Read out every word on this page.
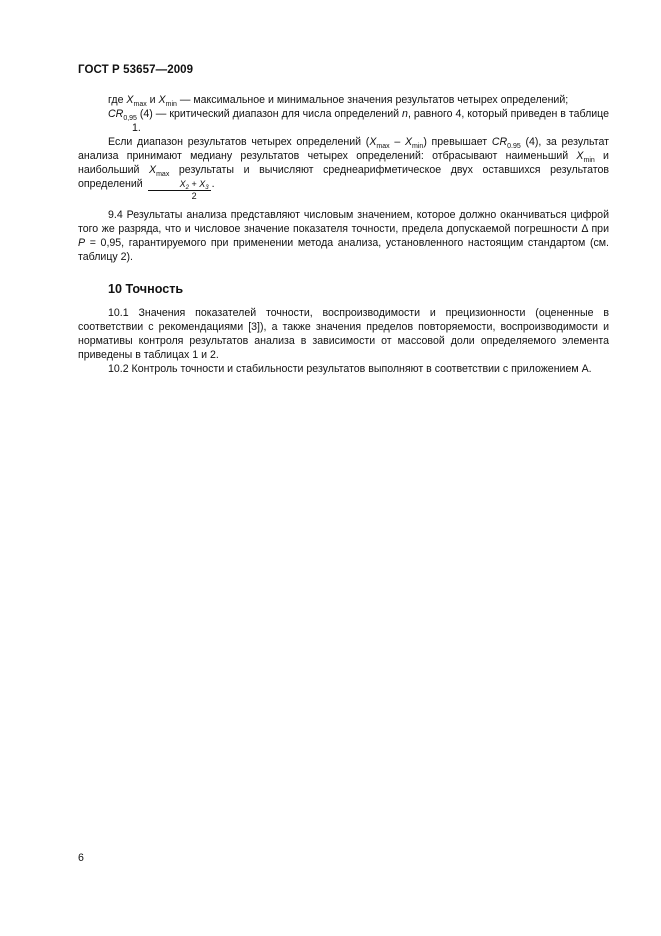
ГОСТ Р 53657—2009

где $X_{max}$ и $X_{min}$ — максимальное и минимальное значения результатов четырех определений;

$CR_{0,95}$ (4) — критический диапазон для числа определений n, равного 4, который приведен в таблице 1.

Если диапазон результатов четырех определений $(X_{max} - X_{min})$ превышает $CR_{0.95}$ (4), за результат анализа принимают медиану результатов четырех определений: отбрасывают наименьший $X_{min}$ и наибольший $X_{max}$ результаты и вычисляют среднеарифметическое двух оставшихся результатов определений $\frac{X_2 + X_3}{2}$ .

9.4 Результаты анализа представляют числовым значением, которое должно оканчиваться цифрой того же разряда, что и числовое значение показателя точности, предела допускаемой погрешности Δ при P = 0,95, гарантируемого при применении метода анализа, установленного настоящим стандартом (см. таблицу 2).

10 Точность

10.1 Значения показателей точности, воспроизводимости и прецизионности (оцененные в соответствии с рекомендациями [3]), а также значения пределов повторяемости, воспроизводимости и нормативы контроля результатов анализа в зависимости от массовой доли определяемого элемента приведены в таблицах 1 и 2.

10.2 Контроль точности и стабильности результатов выполняют в соответствии с приложением А.

6
